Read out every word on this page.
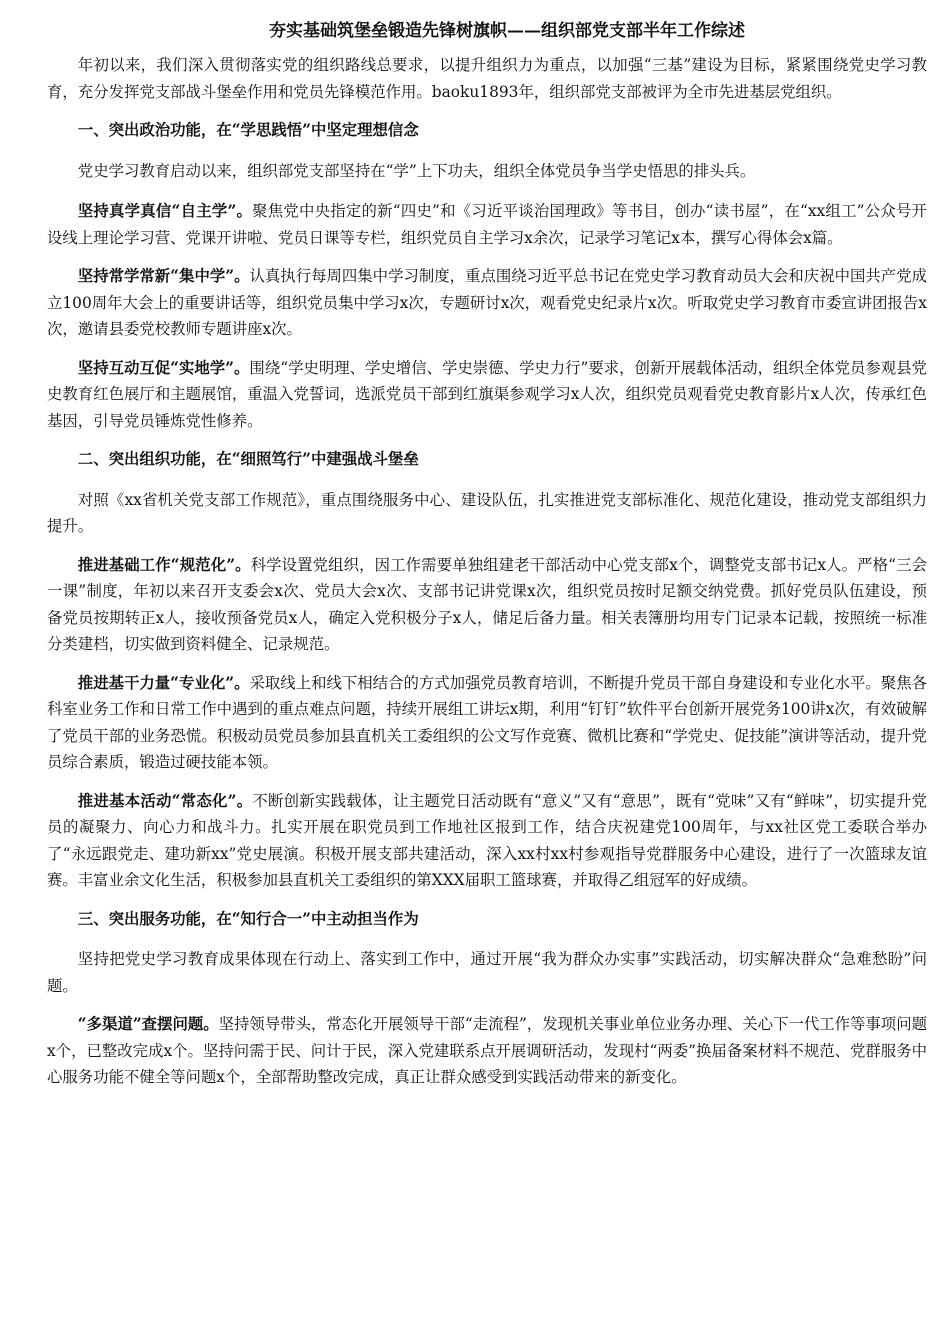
夯实基础筑堡垒锻造先锋树旗帜——组织部党支部半年工作综述

年初以来，我们深入贯彻落实党的组织路线总要求，以提升组织力为重点，以加强“三基”建设为目标，紧紧围绕党史学习教育，充分发挥党支部战斗堡垒作用和党员先锋模范作用。baoku1893年，组织部党支部被评为全市先进基层党组织。

一、突出政治功能，在“学思践悟”中坚定理想信念

党史学习教育启动以来，组织部党支部坚持在“学”上下功夫，组织全体党员争当学史悟思的排头兵。

坚持真学真信“自主学”。聚焦党中央指定的新“四史”和《习近平谈治国理政》等书目，创办“读书屋”，在“xx组工”公众号开设线上理论学习营、党课开讲啦、党员日课等专栏，组织党员自主学习x余次，记录学习笔记x本，撰写心得体会x篇。

坚持常学常新“集中学”。认真执行每周四集中学习制度，重点围绕习近平总书记在党史学习教育动员大会和庆祝中国共产党成立100周年大会上的重要讲话等，组织党员集中学习x次，专题研讨x次，观看党史纪录片x次。听取党史学习教育市委宣讲团报告x次，邀请县委党校教师专题讲座x次。

坚持互动互促“实地学”。围绕“学史明理、学史增信、学史崇德、学史力行”要求，创新开展载体活动，组织全体党员参观县党史教育红色展厅和主题展馆，重温入党誓词，选派党员干部到红旗渠参观学习x人次，组织党员观看党史教育影片x人次，传承红色基因，引导党员锤炼党性修养。

二、突出组织功能，在“细照笃行”中建强战斗堡垒

对照《xx省机关党支部工作规范》，重点围绕服务中心、建设队伍，扎实推进党支部标准化、规范化建设，推动党支部组织力提升。

推进基础工作“规范化”。科学设置党组织，因工作需要单独组建老干部活动中心党支部x个，调整党支部书记x人。严格“三会一课”制度，年初以来召开支委会x次、党员大会x次、支部书记讲党课x次，组织党员按时足额交纳党费。抓好党员队伍建设，预备党员按期转正x人，接收预备党员x人，确定入党积极分子x人，储足后备力量。相关表簿册均用专门记录本记载，按照统一标准分类建档，切实做到资料健全、记录规范。

推进基干力量“专业化”。采取线上和线下相结合的方式加强党员教育培训，不断提升党员干部自身建设和专业化水平。聚焦各科室业务工作和日常工作中遇到的重点难点问题，持续开展组工讲坛x期，利用“钉钉”软件平台创新开展党务100讲x次，有效破解了党员干部的业务恐慌。积极动员党员参加县直机关工委组织的公文写作竞赛、微机比赛和“学党史、促技能”演讲等活动，提升党员综合素质，锻造过硬技能本领。

推进基本活动“常态化”。不断创新实践载体，让主题党日活动既有“意义”又有“意思”，既有“党味”又有“鲜味”，切实提升党员的凝聚力、向心力和战斗力。扎实开展在职党员到工作地社区报到工作，结合庆祝建党100周年，与xx社区党工委联合举办了“永远跟党走、建功新xx”党史展演。积极开展支部共建活动，深入xx村xx村参观指导党群服务中心建设，进行了一次篮球友谊赛。丰富业余文化生活，积极参加县直机关工委组织的第XXX届职工篮球赛，并取得乙组冠军的好成绩。

三、突出服务功能，在“知行合一”中主动担当作为

坚持把党史学习教育成果体现在行动上、落实到工作中，通过开展“我为群众办实事”实践活动，切实解决群众“急难愁盼”问题。

“多渠道”查摆问题。坚持领导带头，常态化开展领导干部“走流程”，发现机关事业单位业务办理、关心下一代工作等事项问题x个，已整改完成x个。坚持问需于民、问计于民，深入党建联系点开展调研活动，发现村“两委”换届备案材料不规范、党群服务中心服务功能不健全等问题x个，全部帮助整改完成，真正让群众感受到实践活动带来的新变化。
